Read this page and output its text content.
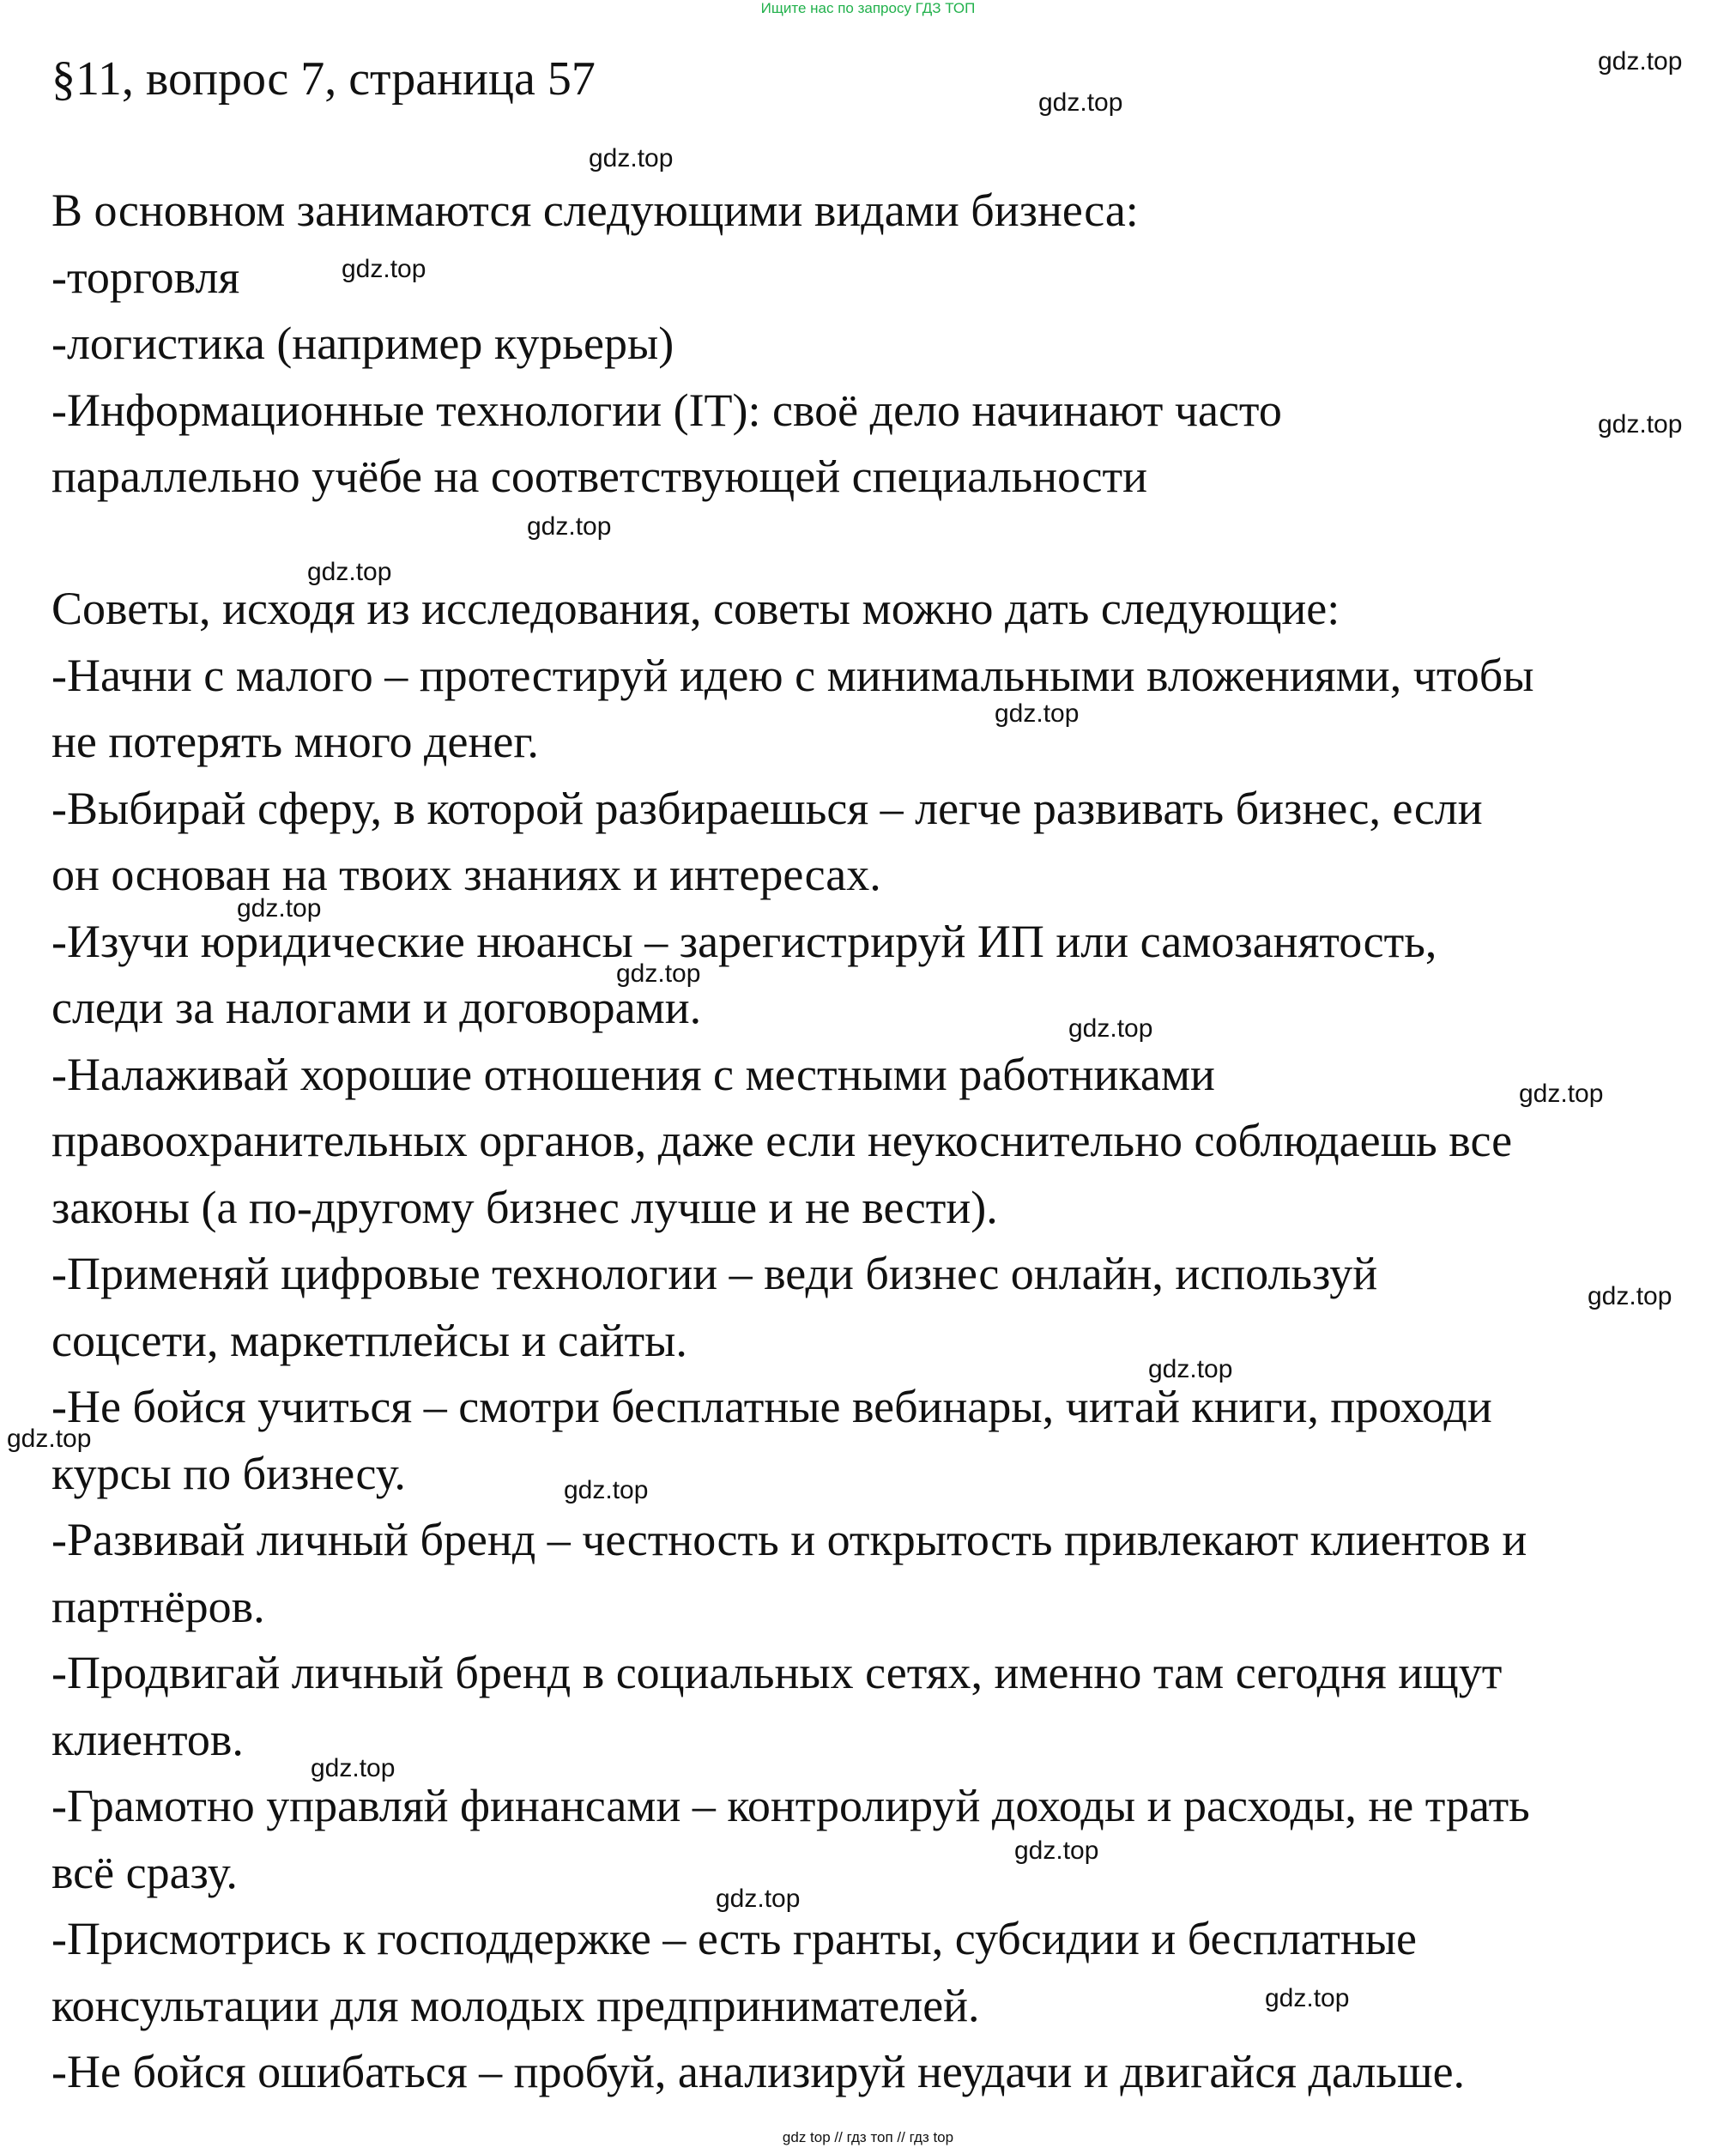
Ищите нас по запросу ГДЗ ТОП
§11, вопрос 7, страница 57
В основном занимаются следующими видами бизнеса:
-торговля
-логистика (например курьеры)
-Информационные технологии (IT): своё дело начинают часто
параллельно учёбе на соответствующей специальности
Советы, исходя из исследования, советы можно дать следующие:
-Начни с малого – протестируй идею с минимальными вложениями, чтобы
не потерять много денег.
-Выбирай сферу, в которой разбираешься – легче развивать бизнес, если
он основан на твоих знаниях и интересах.
-Изучи юридические нюансы – зарегистрируй ИП или самозанятость,
следи за налогами и договорами.
-Налаживай хорошие отношения с местными работниками
правоохранительных органов, даже если неукоснительно соблюдаешь все
законы (а по-другому бизнес лучше и не вести).
-Применяй цифровые технологии – веди бизнес онлайн, используй
соцсети, маркетплейсы и сайты.
-Не бойся учиться – смотри бесплатные вебинары, читай книги, проходи
курсы по бизнесу.
-Развивай личный бренд – честность и открытость привлекают клиентов и
партнёров.
-Продвигай личный бренд в социальных сетях, именно там сегодня ищут
клиентов.
-Грамотно управляй финансами – контролируй доходы и расходы, не трать
всё сразу.
-Присмотрись к господдержке – есть гранты, субсидии и бесплатные
консультации для молодых предпринимателей.
-Не бойся ошибаться – пробуй, анализируй неудачи и двигайся дальше.
gdz.top
gdz.top
gdz.top
gdz.top
gdz.top
gdz.top
gdz.top
gdz.top
gdz.top
gdz.top
gdz.top
gdz.top
gdz.top
gdz.top
gdz.top
gdz.top
gdz.top
gdz.top
gdz.top
gdz.top
gdz top // гдз топ // гдз top
